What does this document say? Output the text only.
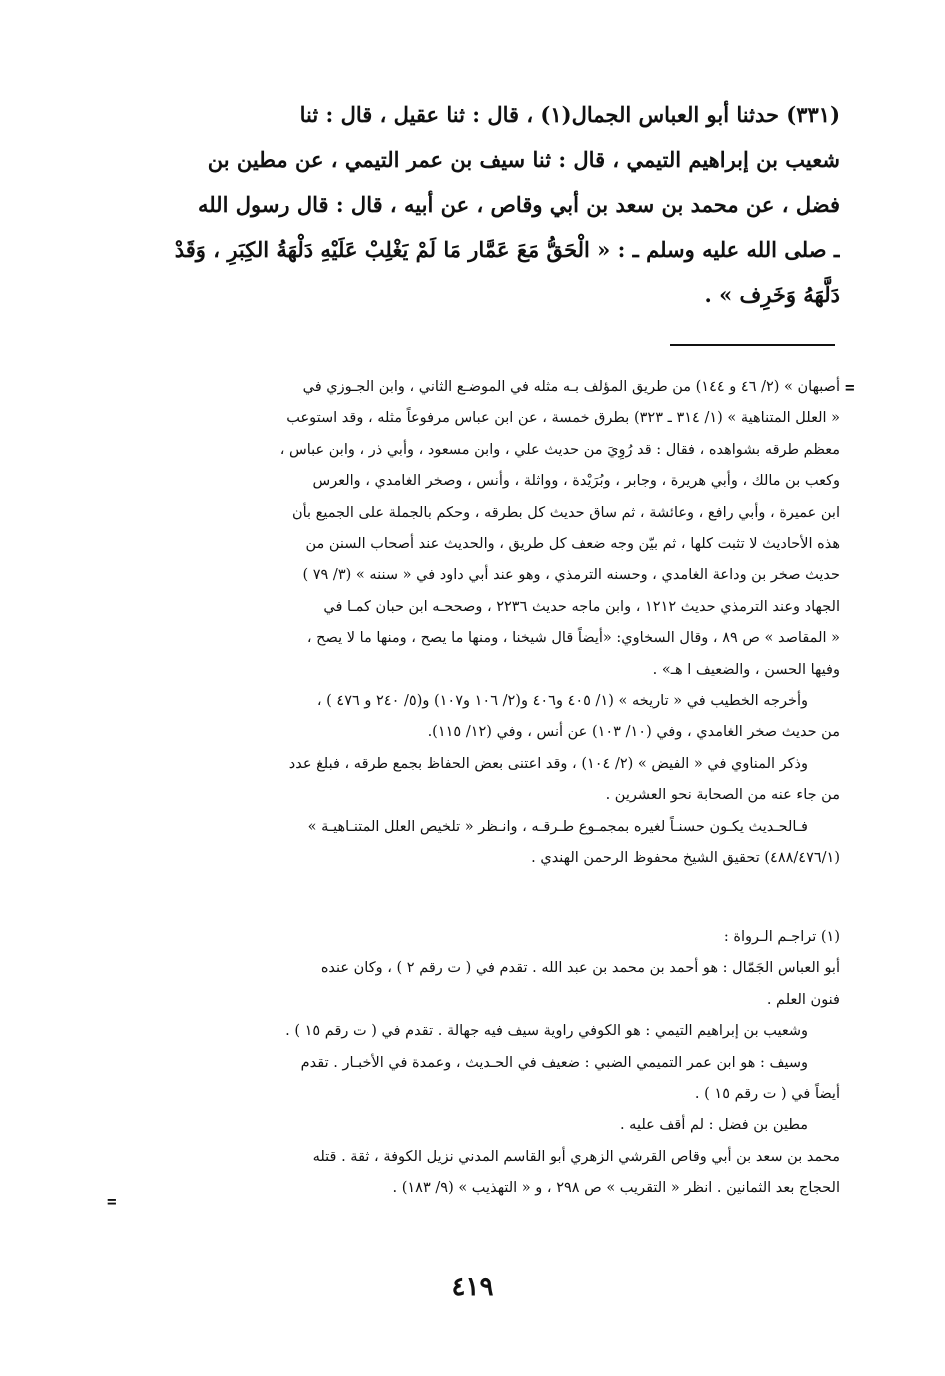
(٣٣١) حدثنا أبو العباس الجمال(١) ، قال : ثنا عقيل ، قال : ثنا
شعيب بن إبراهيم التيمي ، قال : ثنا سيف بن عمر التيمي ، عن مطين بن
فضل ، عن محمد بن سعد بن أبي وقاص ، عن أبيه ، قال : قال رسول الله
ـ صلى الله عليه وسلم ـ : « الْحَقُّ مَعَ عَمَّار مَا لَمْ يَغْلِبْ عَلَيْهِ دَلْهَةُ الكِبَرِ ، وَقَدْ
دَلَّهَهُ وَخَرِف » .
=
أصبهان » (٢/ ٤٦ و ١٤٤) من طريق المؤلف بـه مثله في الموضـع الثاني ، وابن الجـوزي في
« العلل المتناهية » (١/ ٣١٤ ـ ٣٢٣) بطرق خمسة ، عن ابن عباس مرفوعاً مثله ، وقد استوعب
معظم طرقه بشواهده ، فقال : قد رُوِيَ من حديث علي ، وابن مسعود ، وأبي ذر ، وابن عباس ،
وكعب بن مالك ، وأبي هريرة ، وجابر ، وبُرَيْدة ، وواثلة ، وأنس ، وصخر الغامدي ، والعرس
ابن عميرة ، وأبي رافع ، وعائشة ، ثم ساق حديث كل بطرقه ، وحكم بالجملة على الجميع بأن
هذه الأحاديث لا تثبت كلها ، ثم بيّن وجه ضعف كل طريق ، والحديث عند أصحاب السنن من
حديث صخر بن وداعة الغامدي ، وحسنه الترمذي ، وهو عند أبي داود في « سننه » (٣/ ٧٩ )
الجهاد وعند الترمذي حديث ١٢١٢ ، وابن ماجه حديث ٢٢٣٦ ، وصححـه ابن حبان كمـا في
« المقاصد » ص ٨٩ ، وقال السخاوي: «أيضاً قال شيخنا ، ومنها ما يصح ، ومنها ما لا يصح ،
وفيها الحسن ، والضعيف ا هـ» .
وأخرجه الخطيب في « تاريخه » (١/ ٤٠٥ و٤٠٦ و(٢/ ١٠٦ و١٠٧) و(٥/ ٢٤٠ و ٤٧٦ ) ،
من حديث صخر الغامدي ، وفي (١٠/ ١٠٣) عن أنس ، وفي (١٢/ ١١٥).
وذكر المناوي في « الفيض » (٢/ ١٠٤) ، وقد اعتنى بعض الحفاظ بجمع طرقه ، فبلغ عدد
من جاء عنه من الصحابة نحو العشرين .
فـالحـديث يكـون حسنـاً لغيره بمجمـوع طـرقـه ، وانـظر « تلخيص العلل المتنـاهيـة »
(٤٨٨/٤٧٦/١) تحقيق الشيخ محفوظ الرحمن الهندي .
(١) تراجـم الـرواة :
أبو العباس الجَمّال : هو أحمد بن محمد بن عبد الله . تقدم في ( ت رقم ٢ ) ، وكان عنده
فنون العلم .
وشعيب بن إبراهيم التيمي : هو الكوفي راوية سيف فيه جهالة . تقدم في ( ت رقم ١٥ ) .
وسيف : هو ابن عمر التميمي الضبي : ضعيف في الحـديث ، وعمدة في الأخبـار . تقدم
أيضاً في ( ت رقم ١٥ ) .
مطين بن فضل : لم أقف عليه .
محمد بن سعد بن أبي وقاص القرشي الزهري أبو القاسم المدني نزيل الكوفة ، ثقة . قتله
الحجاج بعد الثمانين . انظر « التقريب » ص ٢٩٨ ، و « التهذيب » (٩/ ١٨٣) .
=
٤١٩
